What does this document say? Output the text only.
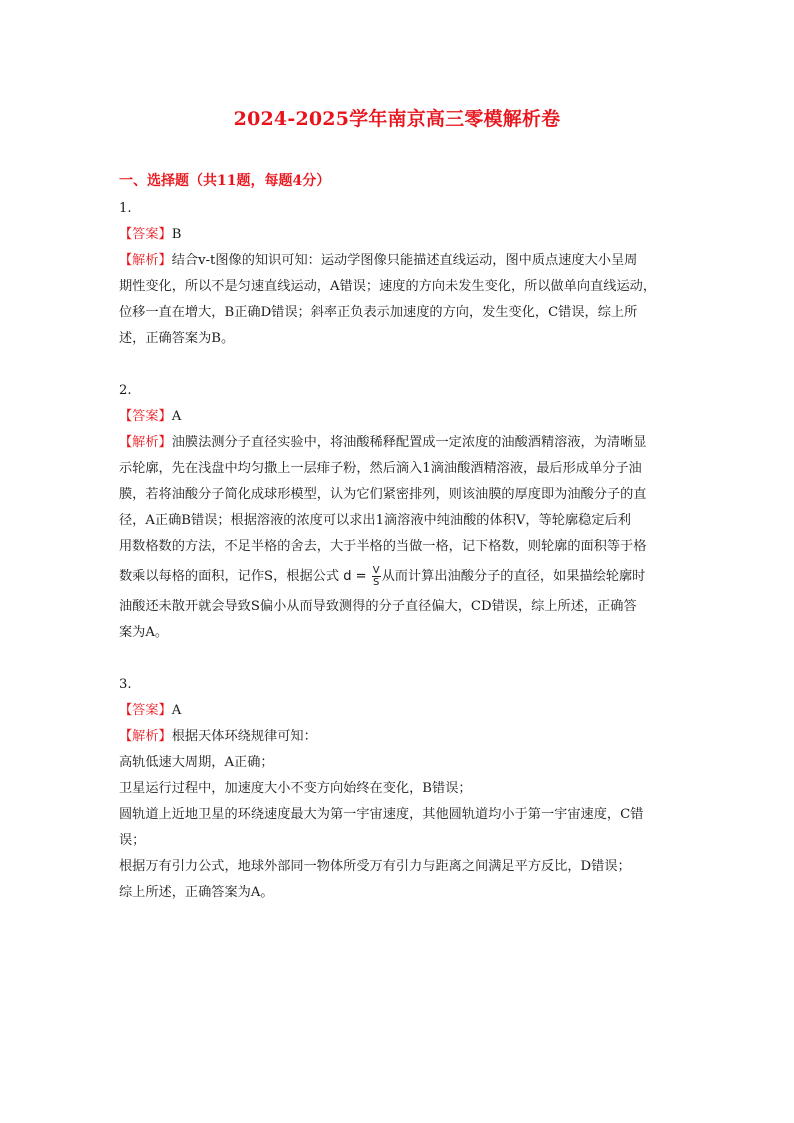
2024-2025学年南京高三零模解析卷
一、选择题（共11题，每题4分）
1.
【答案】B
【解析】结合v-t图像的知识可知：运动学图像只能描述直线运动，图中质点速度大小呈周
期性变化，所以不是匀速直线运动，A错误；速度的方向未发生变化，所以做单向直线运动，
位移一直在增大，B正确D错误；斜率正负表示加速度的方向，发生变化，C错误，综上所
述，正确答案为B。
2.
【答案】A
【解析】油膜法测分子直径实验中，将油酸稀释配置成一定浓度的油酸酒精溶液，为清晰显
示轮廓，先在浅盘中均匀撒上一层痱子粉，然后滴入1滴油酸酒精溶液，最后形成单分子油
膜，若将油酸分子简化成球形模型，认为它们紧密排列，则该油膜的厚度即为油酸分子的直
径，A正确B错误；根据溶液的浓度可以求出1滴溶液中纯油酸的体积V，等轮廓稳定后利
用数格数的方法，不足半格的舍去，大于半格的当做一格，记下格数，则轮廓的面积等于格
数乘以每格的面积，记作S，根据公式 $d = \frac{V}{S}$ 从而计算出油酸分子的直径，如果描绘轮廓时
油酸还未散开就会导致S偏小从而导致测得的分子直径偏大，CD错误，综上所述，正确答
案为A。
3.
【答案】A
【解析】根据天体环绕规律可知：
高轨低速大周期，A正确；
卫星运行过程中，加速度大小不变方向始终在变化，B错误；
圆轨道上近地卫星的环绕速度最大为第一宇宙速度，其他圆轨道均小于第一宇宙速度，C错
误；
根据万有引力公式，地球外部同一物体所受万有引力与距离之间满足平方反比，D错误；
综上所述，正确答案为A。
